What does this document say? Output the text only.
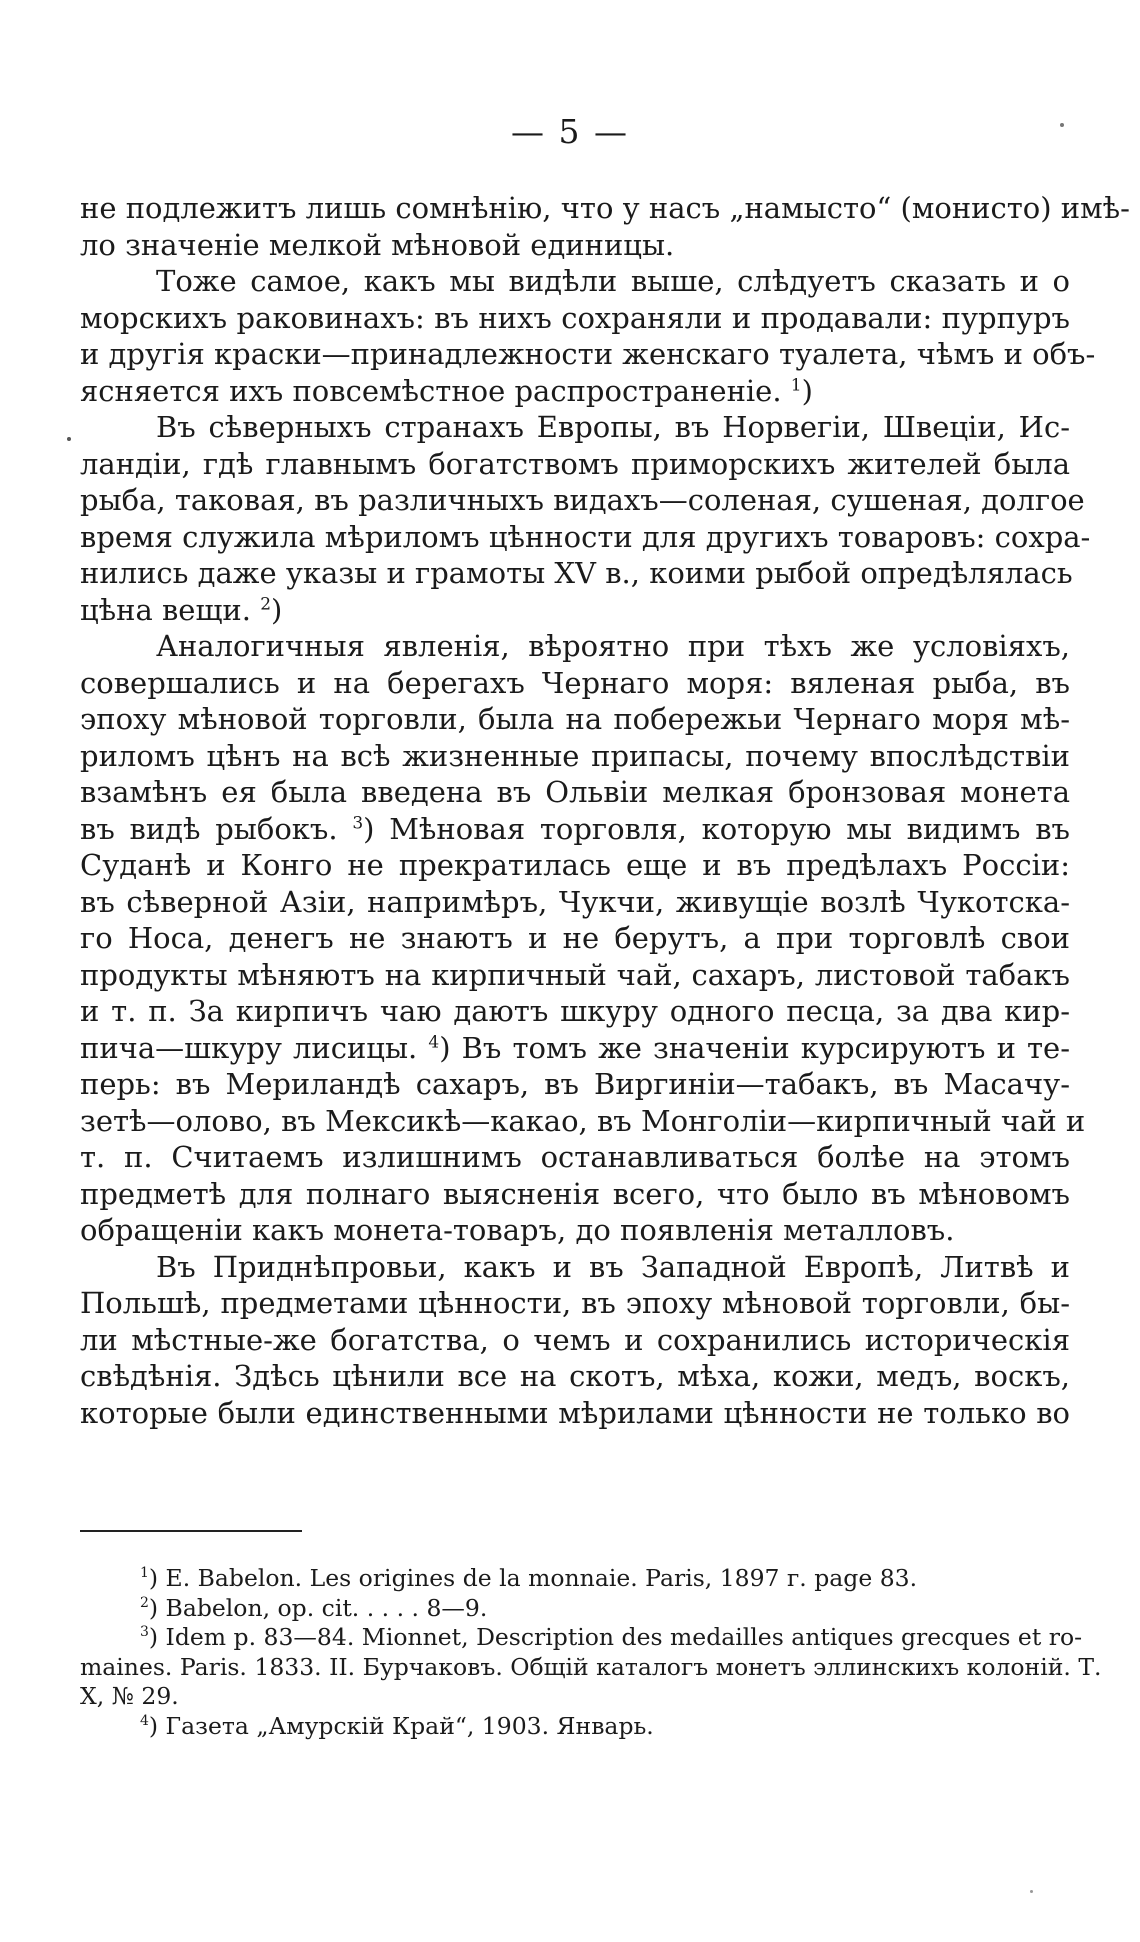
— 5 —
не подлежитъ лишь сомнѣнію, что у насъ „намысто“ (монисто) имѣ-
ло значеніе мелкой мѣновой единицы.
Тоже самое, какъ мы видѣли выше, слѣдуетъ сказать и о
морскихъ раковинахъ: въ нихъ сохраняли и продавали: пурпуръ
и другія краски—принадлежности женскаго туалета, чѣмъ и объ-
ясняется ихъ повсемѣстное распространеніе. $^1$)
Въ сѣверныхъ странахъ Европы, въ Норвегіи, Швеціи, Ис-
ландіи, гдѣ главнымъ богатствомъ приморскихъ жителей была
рыба, таковая, въ различныхъ видахъ—соленая, сушеная, долгое
время служила мѣриломъ цѣнности для другихъ товаровъ: сохра-
нились даже указы и грамоты XV в., коими рыбой опредѣлялась
цѣна вещи. $^2$)
Аналогичныя явленія, вѣроятно при тѣхъ же условіяхъ,
совершались и на берегахъ Чернаго моря: вяленая рыба, въ
эпоху мѣновой торговли, была на побережьи Чернаго моря мѣ-
риломъ цѣнъ на всѣ жизненные припасы, почему впослѣдствіи
взамѣнъ ея была введена въ Ольвіи мелкая бронзовая монета
въ видѣ рыбокъ. $^3$) Мѣновая торговля, которую мы видимъ въ
Суданѣ и Конго не прекратилась еще и въ предѣлахъ Россіи:
въ сѣверной Азіи, напримѣръ, Чукчи, живущіе возлѣ Чукотска-
го Носа, денегъ не знаютъ и не берутъ, а при торговлѣ свои
продукты мѣняютъ на кирпичный чай, сахаръ, листовой табакъ
и т. п. За кирпичъ чаю даютъ шкуру одного песца, за два кир-
пича—шкуру лисицы. $^4$) Въ томъ же значеніи курсируютъ и те-
перь: въ Мериландѣ сахаръ, въ Виргиніи—табакъ, въ Масачу-
зетѣ—олово, въ Мексикѣ—какао, въ Монголіи—кирпичный чай и
т. п. Считаемъ излишнимъ останавливаться болѣе на этомъ
предметѣ для полнаго выясненія всего, что было въ мѣновомъ
обращеніи какъ монета-товаръ, до появленія металловъ.
Въ Приднѣпровьи, какъ и въ Западной Европѣ, Литвѣ и
Польшѣ, предметами цѣнности, въ эпоху мѣновой торговли, бы-
ли мѣстные-же богатства, о чемъ и сохранились историческія
свѣдѣнія. Здѣсь цѣнили все на скотъ, мѣха, кожи, медъ, воскъ,
которые были единственными мѣрилами цѣнности не только во
$^1$) E. Babelon. Les origines de la monnaie. Paris, 1897 г. page 83.
$^2$) Babelon, op. cit. . . . . 8—9.
$^3$) Idem p. 83—84. Mionnet, Description des medailles antiques grecques et ro-
maines. Paris. 1833. II. Бурчаковъ. Общій каталогъ монетъ эллинскихъ колоній. Т.
X, № 29.
$^4$) Газета „Амурскій Край“, 1903. Январь.
